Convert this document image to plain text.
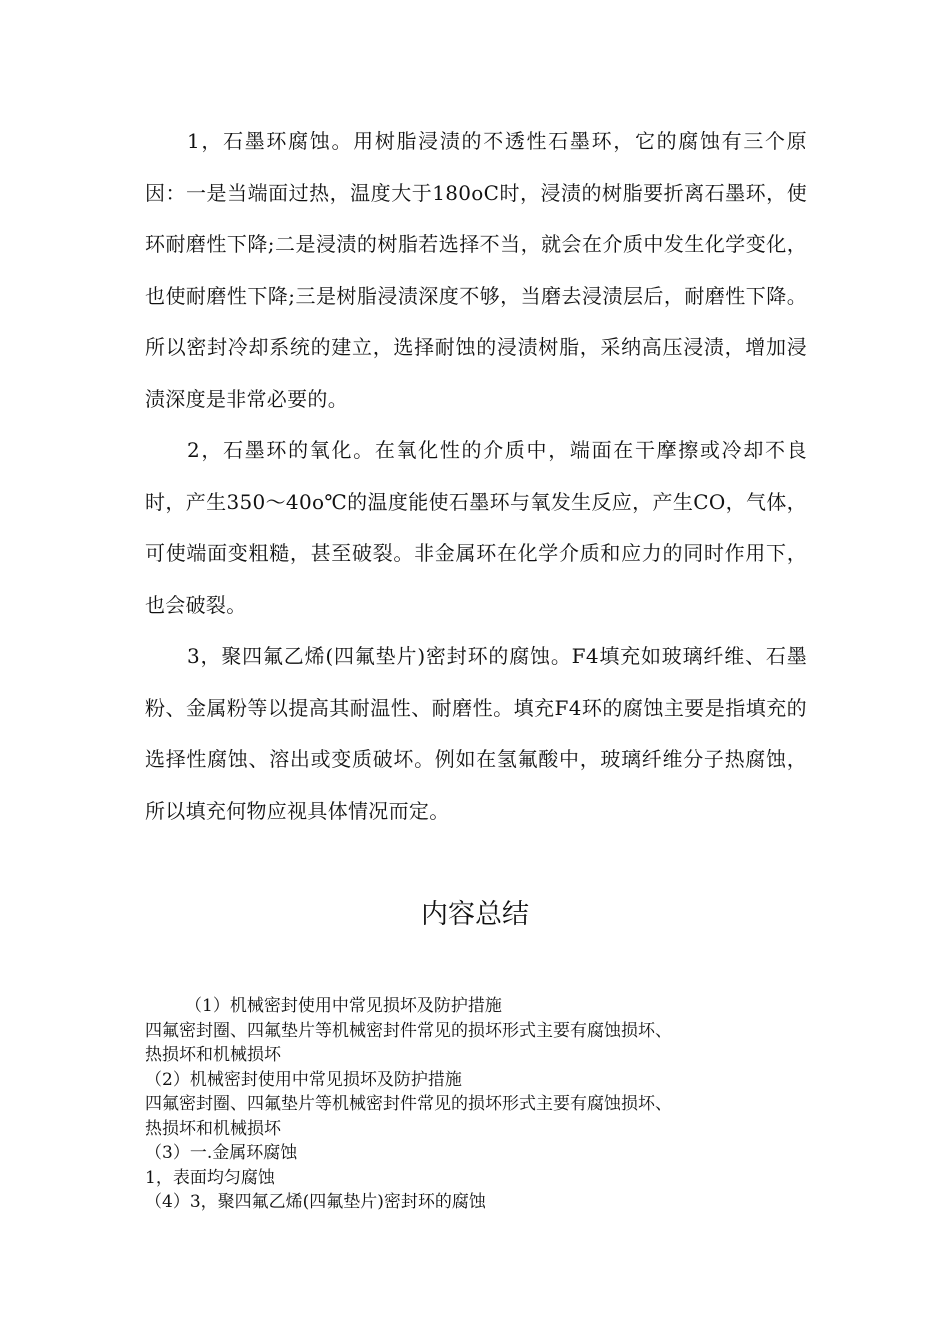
1，石墨环腐蚀。用树脂浸渍的不透性石墨环，它的腐蚀有三个原因：一是当端面过热，温度大于180oC时，浸渍的树脂要折离石墨环，使环耐磨性下降;二是浸渍的树脂若选择不当，就会在介质中发生化学变化，也使耐磨性下降;三是树脂浸渍深度不够，当磨去浸渍层后，耐磨性下降。所以密封冷却系统的建立，选择耐蚀的浸渍树脂，采纳高压浸渍，增加浸渍深度是非常必要的。

2，石墨环的氧化。在氧化性的介质中，端面在干摩擦或冷却不良时，产生350～40o℃的温度能使石墨环与氧发生反应，产生CO，气体，可使端面变粗糙，甚至破裂。非金属环在化学介质和应力的同时作用下，也会破裂。

3，聚四氟乙烯(四氟垫片)密封环的腐蚀。F4填充如玻璃纤维、石墨粉、金属粉等以提高其耐温性、耐磨性。填充F4环的腐蚀主要是指填充的选择性腐蚀、溶出或变质破坏。例如在氢氟酸中，玻璃纤维分子热腐蚀，所以填充何物应视具体情况而定。

内容总结
（1）机械密封使用中常见损坏及防护措施
四氟密封圈、四氟垫片等机械密封件常见的损坏形式主要有腐蚀损坏、
热损坏和机械损坏
（2）机械密封使用中常见损坏及防护措施
四氟密封圈、四氟垫片等机械密封件常见的损坏形式主要有腐蚀损坏、
热损坏和机械损坏
（3）一.金属环腐蚀
1，表面均匀腐蚀
（4）3，聚四氟乙烯(四氟垫片)密封环的腐蚀
